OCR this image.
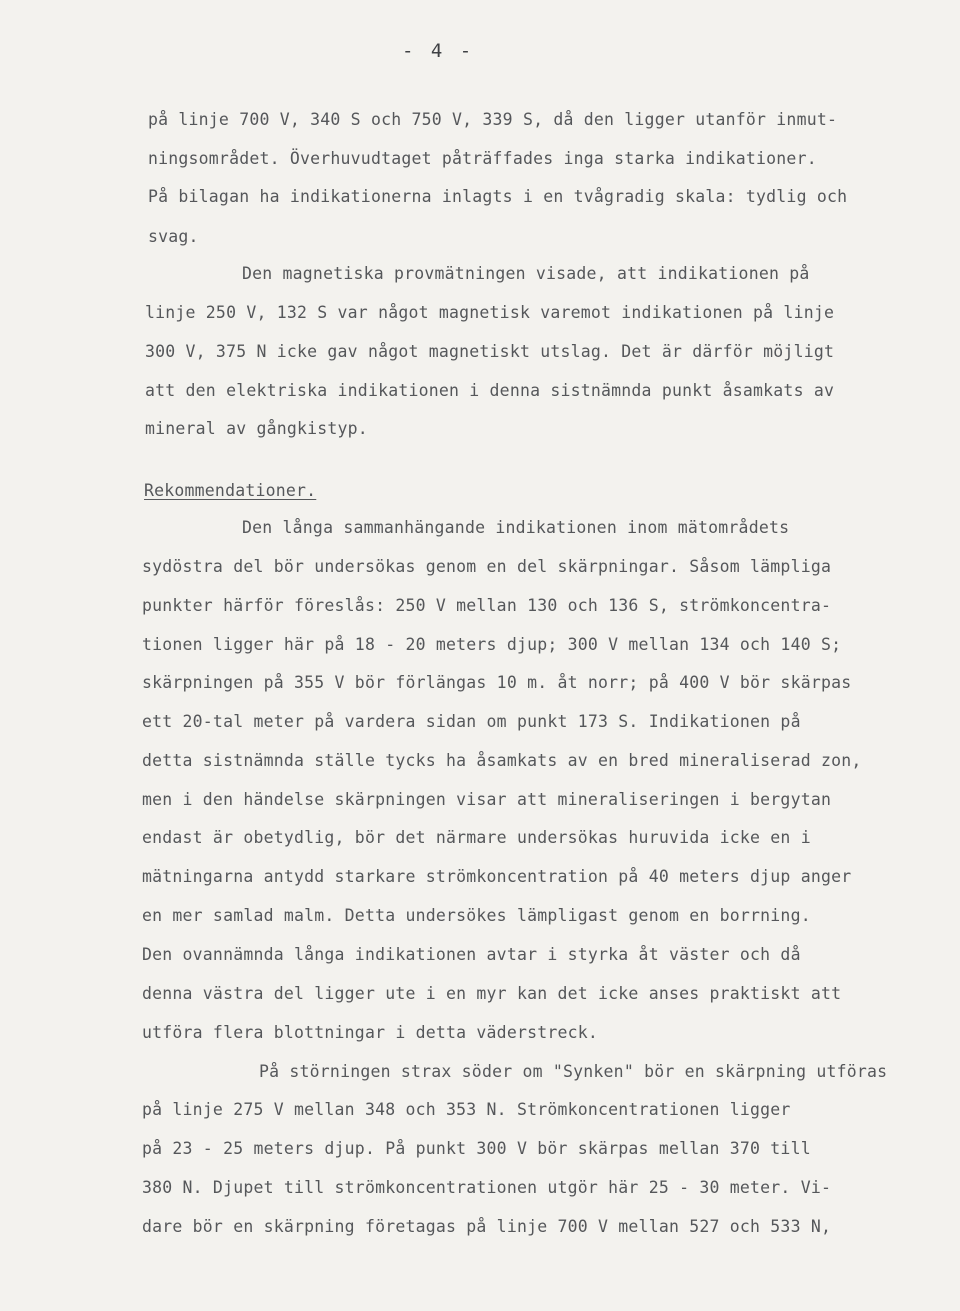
- 4 -

på linje 700 V, 340 S och 750 V, 339 S, då den ligger utanför inmut-

ningsområdet. Överhuvudtaget påträffades inga starka indikationer.

På bilagan ha indikationerna inlagts i en tvågradig skala: tydlig och

svag.

Den magnetiska provmätningen visade, att indikationen på

linje 250 V, 132 S var något magnetisk varemot indikationen på linje

300 V, 375 N icke gav något magnetiskt utslag. Det är därför möjligt

att den elektriska indikationen i denna sistnämnda punkt åsamkats av

mineral av gångkistyp.

Rekommendationer.

Den långa sammanhängande indikationen inom mätområdets

sydöstra del bör undersökas genom en del skärpningar. Såsom lämpliga

punkter härför föreslås: 250 V mellan 130 och 136 S, strömkoncentra-

tionen ligger här på 18 - 20 meters djup; 300 V mellan 134 och 140 S;

skärpningen på 355 V bör förlängas 10 m. åt norr; på 400 V bör skärpas

ett 20-tal meter på vardera sidan om punkt 173 S. Indikationen på

detta sistnämnda ställe tycks ha åsamkats av en bred mineraliserad zon,

men i den händelse skärpningen visar att mineraliseringen i bergytan

endast är obetydlig, bör det närmare undersökas huruvida icke en i

mätningarna antydd starkare strömkoncentration på 40 meters djup anger

en mer samlad malm. Detta undersökes lämpligast genom en borrning.

Den ovannämnda långa indikationen avtar i styrka åt väster och då

denna västra del ligger ute i en myr kan det icke anses praktiskt att

utföra flera blottningar i detta väderstreck.

På störningen strax söder om "Synken" bör en skärpning utföras

på linje 275 V mellan 348 och 353 N. Strömkoncentrationen ligger

på 23 - 25 meters djup. På punkt 300 V bör skärpas mellan 370 till

380 N. Djupet till strömkoncentrationen utgör här 25 - 30 meter. Vi-

dare bör en skärpning företagas på linje 700 V mellan 527 och 533 N,
